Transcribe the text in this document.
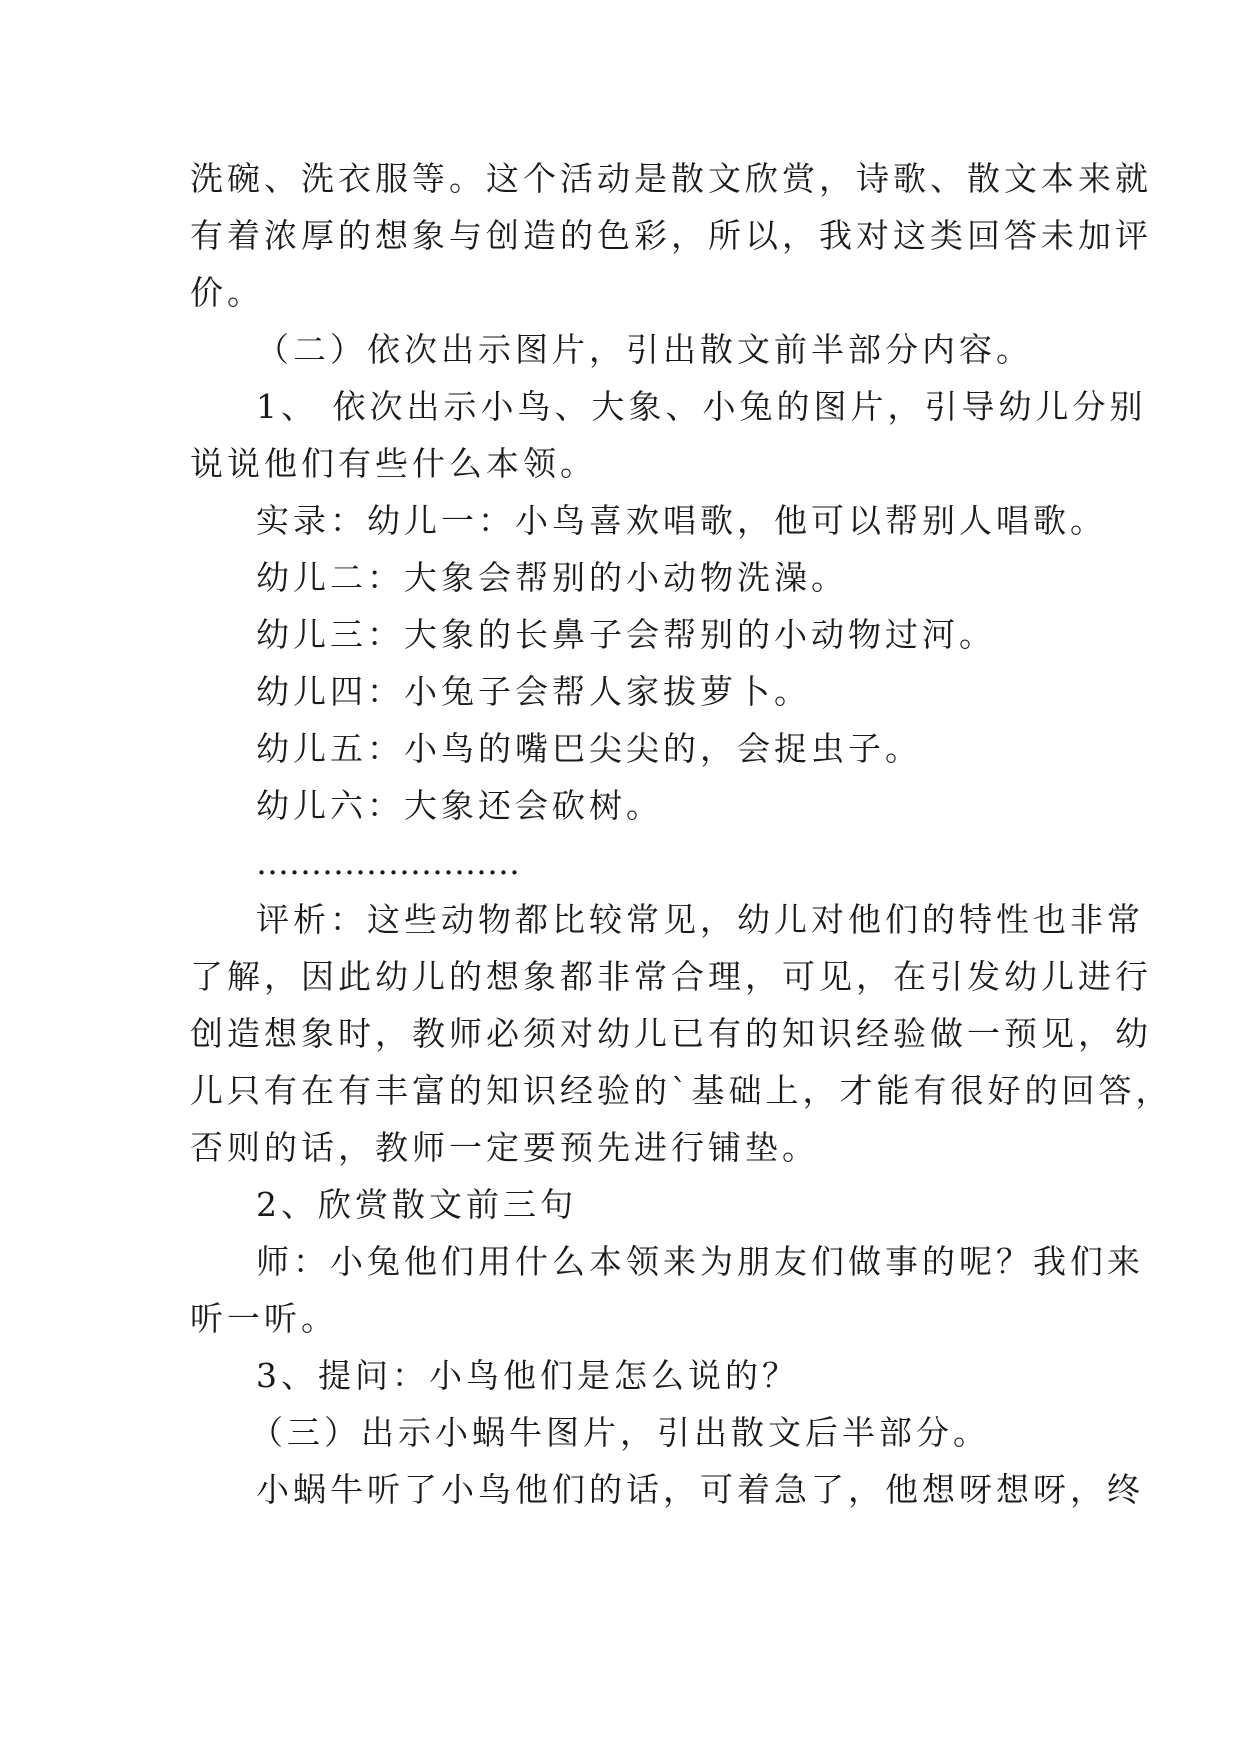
洗碗、洗衣服等。这个活动是散文欣赏，诗歌、散文本来就
有着浓厚的想象与创造的色彩，所以，我对这类回答未加评
价。
（二）依次出示图片，引出散文前半部分内容。
1、 依次出示小鸟、大象、小兔的图片，引导幼儿分别
说说他们有些什么本领。
实录：幼儿一：小鸟喜欢唱歌，他可以帮别人唱歌。
幼儿二：大象会帮别的小动物洗澡。
幼儿三：大象的长鼻子会帮别的小动物过河。
幼儿四：小兔子会帮人家拔萝卜。
幼儿五：小鸟的嘴巴尖尖的，会捉虫子。
幼儿六：大象还会砍树。
……………………
评析：这些动物都比较常见，幼儿对他们的特性也非常
了解，因此幼儿的想象都非常合理，可见，在引发幼儿进行
创造想象时，教师必须对幼儿已有的知识经验做一预见，幼
儿只有在有丰富的知识经验的`基础上，才能有很好的回答，
否则的话，教师一定要预先进行铺垫。
2、欣赏散文前三句
师：小兔他们用什么本领来为朋友们做事的呢？我们来
听一听。
3、提问：小鸟他们是怎么说的？
（三）出示小蜗牛图片，引出散文后半部分。
小蜗牛听了小鸟他们的话，可着急了，他想呀想呀，终
